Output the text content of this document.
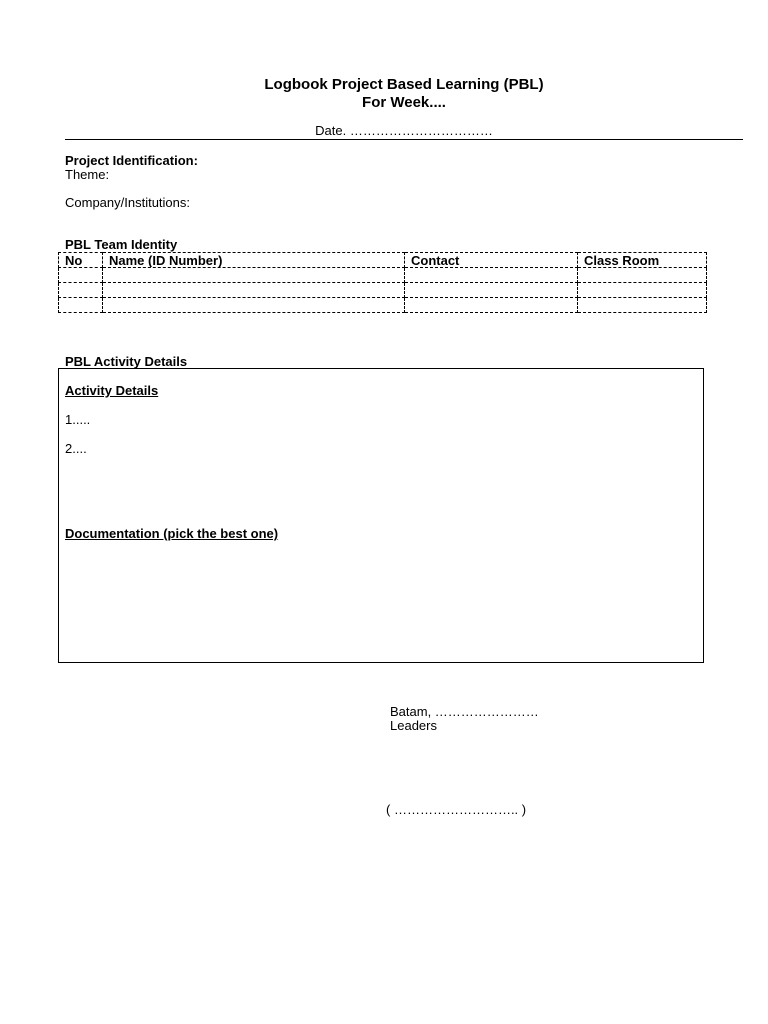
Logbook Project Based Learning (PBL)
For Week....
Date. ……………………………
Project Identification:
Theme:
Company/Institutions:
PBL Team Identity
No	Name (ID Number)	Contact	Class Room

PBL Activity Details
Activity Details
1.....
2....
Documentation (pick the best one)
Batam, ……………………
Leaders
( ……………………….. )
